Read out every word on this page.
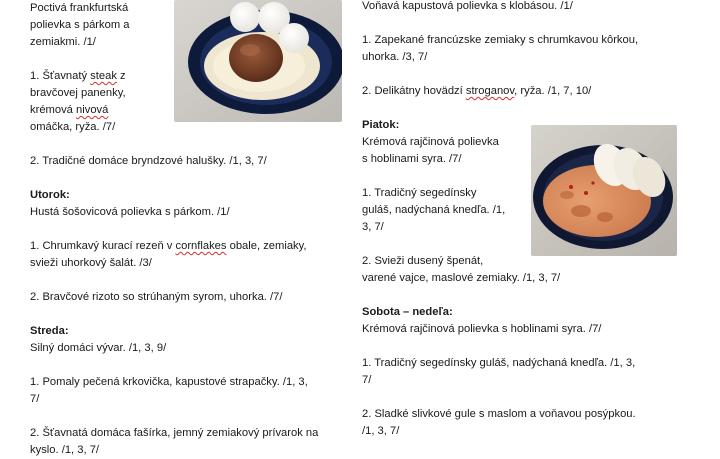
Poctivá frankfurtská

polievka s párkom a

zemiakmi. /1/

1. Šťavnatý steak z

bravčovej panenky,

krémová nivová

omáčka, ryža. /7/

2. Tradičné domáce bryndzové halušky. /1, 3, 7/

Utorok:

Hustá šošovicová polievka s párkom. /1/

1. Chrumkavý kurací rezeň v cornflakes obale, zemiaky,

svieži uhorkový šalát. /3/

2. Bravčové rizoto so strúhaným syrom, uhorka. /7/

Streda:

Silný domáci vývar. /1, 3, 9/

1. Pomaly pečená krkovička, kapustové strapačky. /1, 3,

7/

2. Šťavnatá domáca fašírka, jemný zemiakový prívarok na

kyslo. /1, 3, 7/

Voňavá kapustová polievka s klobásou. /1/

1. Zapekané francúzske zemiaky s chrumkavou kôrkou,

uhorka. /3, 7/

2. Delikátny hovädzí stroganov, ryža. /1, 7, 10/

Piatok:

Krémová rajčinová polievka

s hoblinami syra. /7/

1. Tradičný segedínsky

guláš, nadýchaná knedľa. /1,

3, 7/

2. Svieži dusený špenát,

varené vajce, maslové zemiaky. /1, 3, 7/

Sobota – nedeľa:

Krémová rajčinová polievka s hoblinami syra. /7/

1. Tradičný segedínsky guláš, nadýchaná knedľa. /1, 3,

7/

2. Sladké slivkové gule s maslom a voňavou posýpkou.

/1, 3, 7/
